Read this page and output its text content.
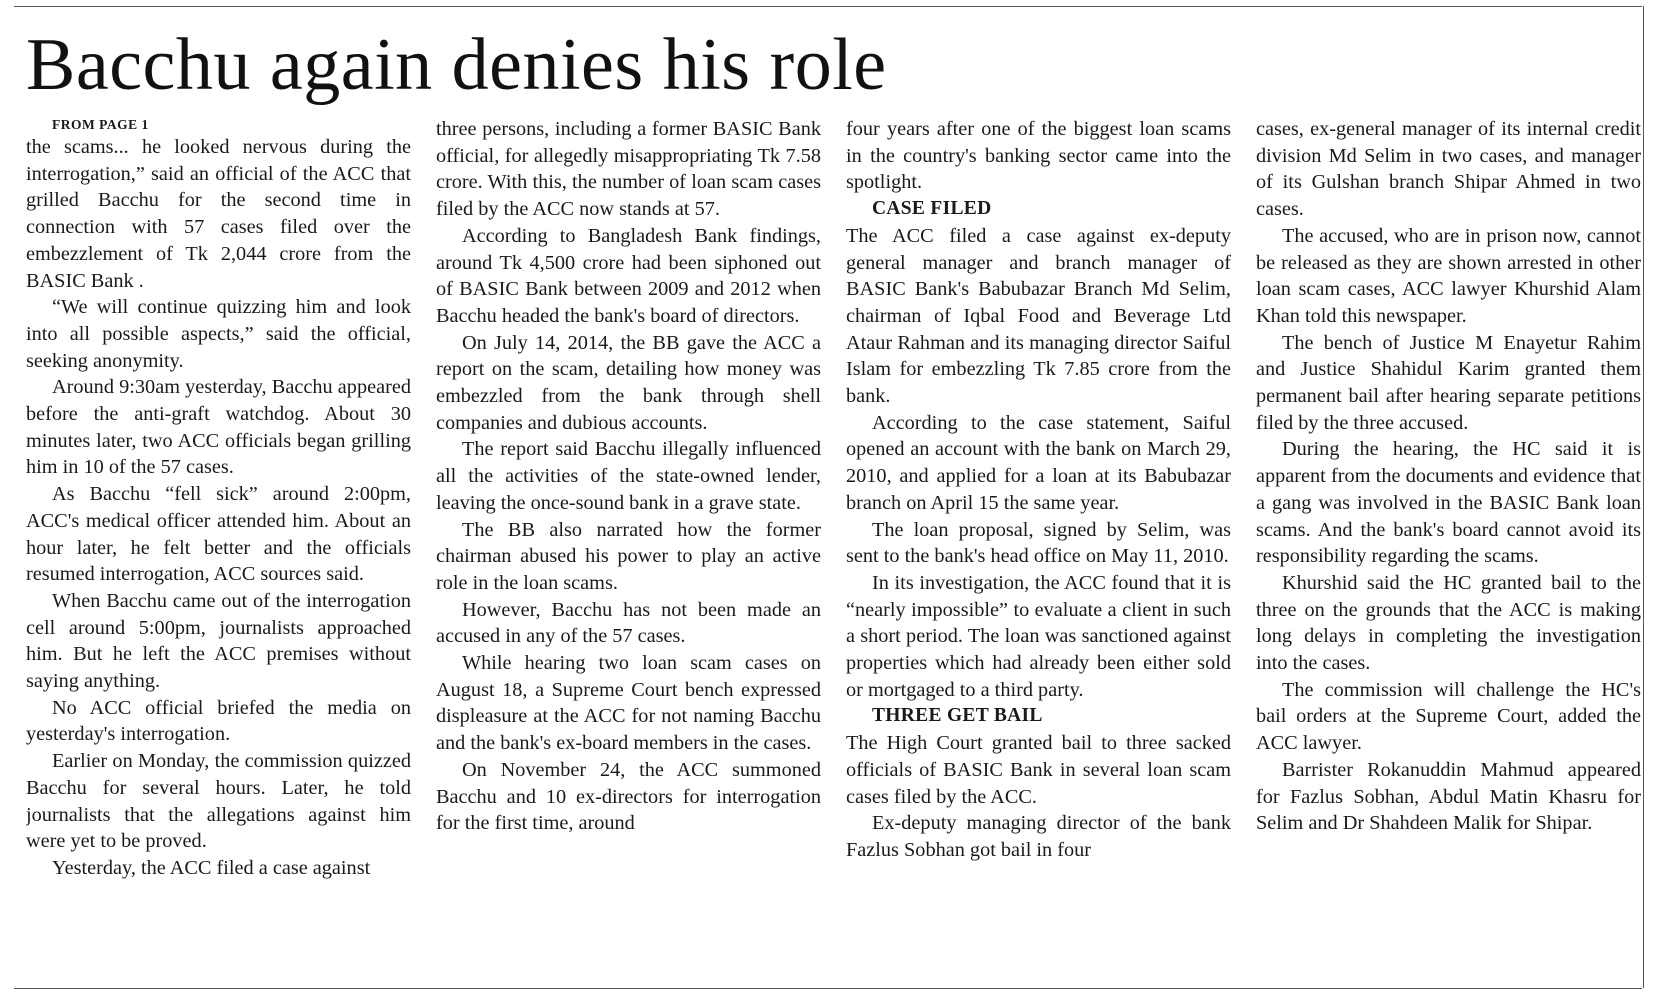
Bacchu again denies his role

FROM PAGE 1

the scams... he looked nervous during the interrogation,” said an official of the ACC that grilled Bacchu for the second time in connection with 57 cases filed over the embezzlement of Tk 2,044 crore from the BASIC Bank .

“We will continue quizzing him and look into all possible aspects,” said the official, seeking anonymity.

Around 9:30am yesterday, Bacchu appeared before the anti-graft watchdog. About 30 minutes later, two ACC officials began grilling him in 10 of the 57 cases.

As Bacchu “fell sick” around 2:00pm, ACC's medical officer attended him. About an hour later, he felt better and the officials resumed interrogation, ACC sources said.

When Bacchu came out of the interrogation cell around 5:00pm, journalists approached him. But he left the ACC premises without saying anything.

No ACC official briefed the media on yesterday's interrogation.

Earlier on Monday, the commission quizzed Bacchu for several hours. Later, he told journalists that the allegations against him were yet to be proved.

Yesterday, the ACC filed a case against

three persons, including a former BASIC Bank official, for allegedly misappropriating Tk 7.58 crore. With this, the number of loan scam cases filed by the ACC now stands at 57.

According to Bangladesh Bank findings, around Tk 4,500 crore had been siphoned out of BASIC Bank between 2009 and 2012 when Bacchu headed the bank's board of directors.

On July 14, 2014, the BB gave the ACC a report on the scam, detailing how money was embezzled from the bank through shell companies and dubious accounts.

The report said Bacchu illegally influenced all the activities of the state-owned lender, leaving the once-sound bank in a grave state.

The BB also narrated how the former chairman abused his power to play an active role in the loan scams.

However, Bacchu has not been made an accused in any of the 57 cases.

While hearing two loan scam cases on August 18, a Supreme Court bench expressed displeasure at the ACC for not naming Bacchu and the bank's ex-board members in the cases.

On November 24, the ACC summoned Bacchu and 10 ex-directors for interrogation for the first time, around

four years after one of the biggest loan scams in the country's banking sector came into the spotlight.

CASE FILED

The ACC filed a case against ex-deputy general manager and branch manager of BASIC Bank's Babubazar Branch Md Selim, chairman of Iqbal Food and Beverage Ltd Ataur Rahman and its managing director Saiful Islam for embezzling Tk 7.85 crore from the bank.

According to the case statement, Saiful opened an account with the bank on March 29, 2010, and applied for a loan at its Babubazar branch on April 15 the same year.

The loan proposal, signed by Selim, was sent to the bank's head office on May 11, 2010.

In its investigation, the ACC found that it is “nearly impossible” to evaluate a client in such a short period. The loan was sanctioned against properties which had already been either sold or mortgaged to a third party.

THREE GET BAIL

The High Court granted bail to three sacked officials of BASIC Bank in several loan scam cases filed by the ACC.

Ex-deputy managing director of the bank Fazlus Sobhan got bail in four

cases, ex-general manager of its internal credit division Md Selim in two cases, and manager of its Gulshan branch Shipar Ahmed in two cases.

The accused, who are in prison now, cannot be released as they are shown arrested in other loan scam cases, ACC lawyer Khurshid Alam Khan told this newspaper.

The bench of Justice M Enayetur Rahim and Justice Shahidul Karim granted them permanent bail after hearing separate petitions filed by the three accused.

During the hearing, the HC said it is apparent from the documents and evidence that a gang was involved in the BASIC Bank loan scams. And the bank's board cannot avoid its responsibility regarding the scams.

Khurshid said the HC granted bail to the three on the grounds that the ACC is making long delays in completing the investigation into the cases.

The commission will challenge the HC's bail orders at the Supreme Court, added the ACC lawyer.

Barrister Rokanuddin Mahmud appeared for Fazlus Sobhan, Abdul Matin Khasru for Selim and Dr Shahdeen Malik for Shipar.
